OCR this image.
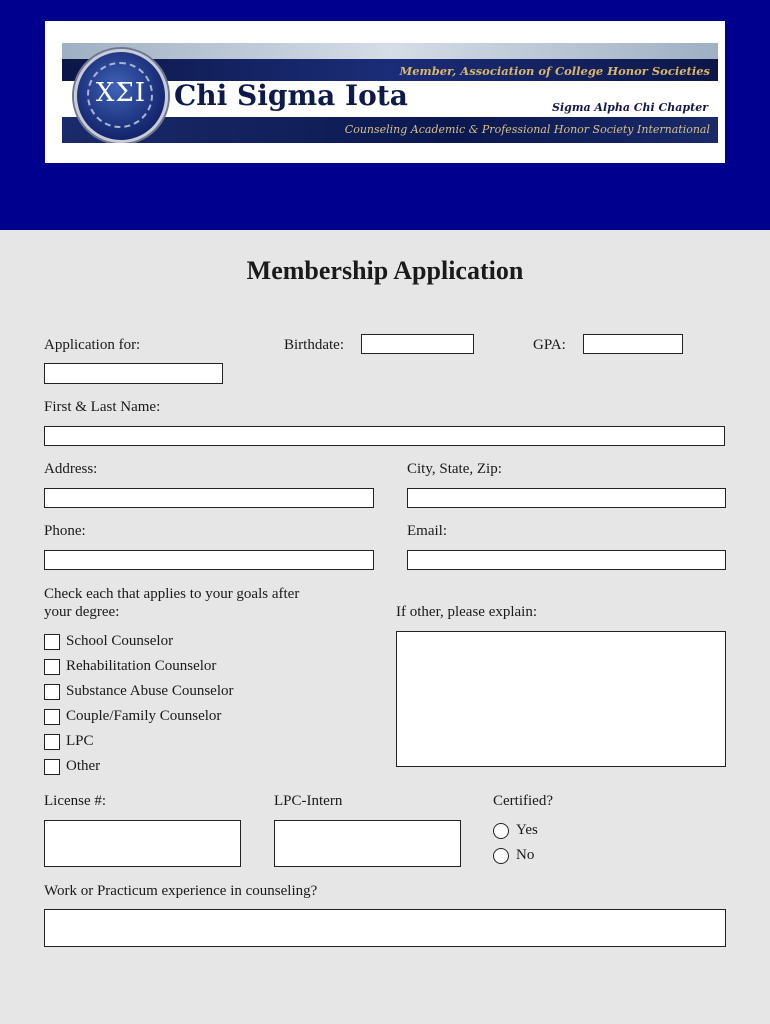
ΧΣΙ Chi Sigma Iota
Member, Association of College Honor Societies
Sigma Alpha Chi Chapter
Counseling Academic & Professional Honor Society International
Membership Application
Application for:	Birthdate:	GPA:
First & Last Name:
Address:	City, State, Zip:
Phone:	Email:
Check each that applies to your goals after
your degree:	If other, please explain:
School Counselor
Rehabilitation Counselor
Substance Abuse Counselor
Couple/Family Counselor
LPC
Other
License #:	LPC-Intern	Certified?
Yes
No
Work or Practicum experience in counseling?
